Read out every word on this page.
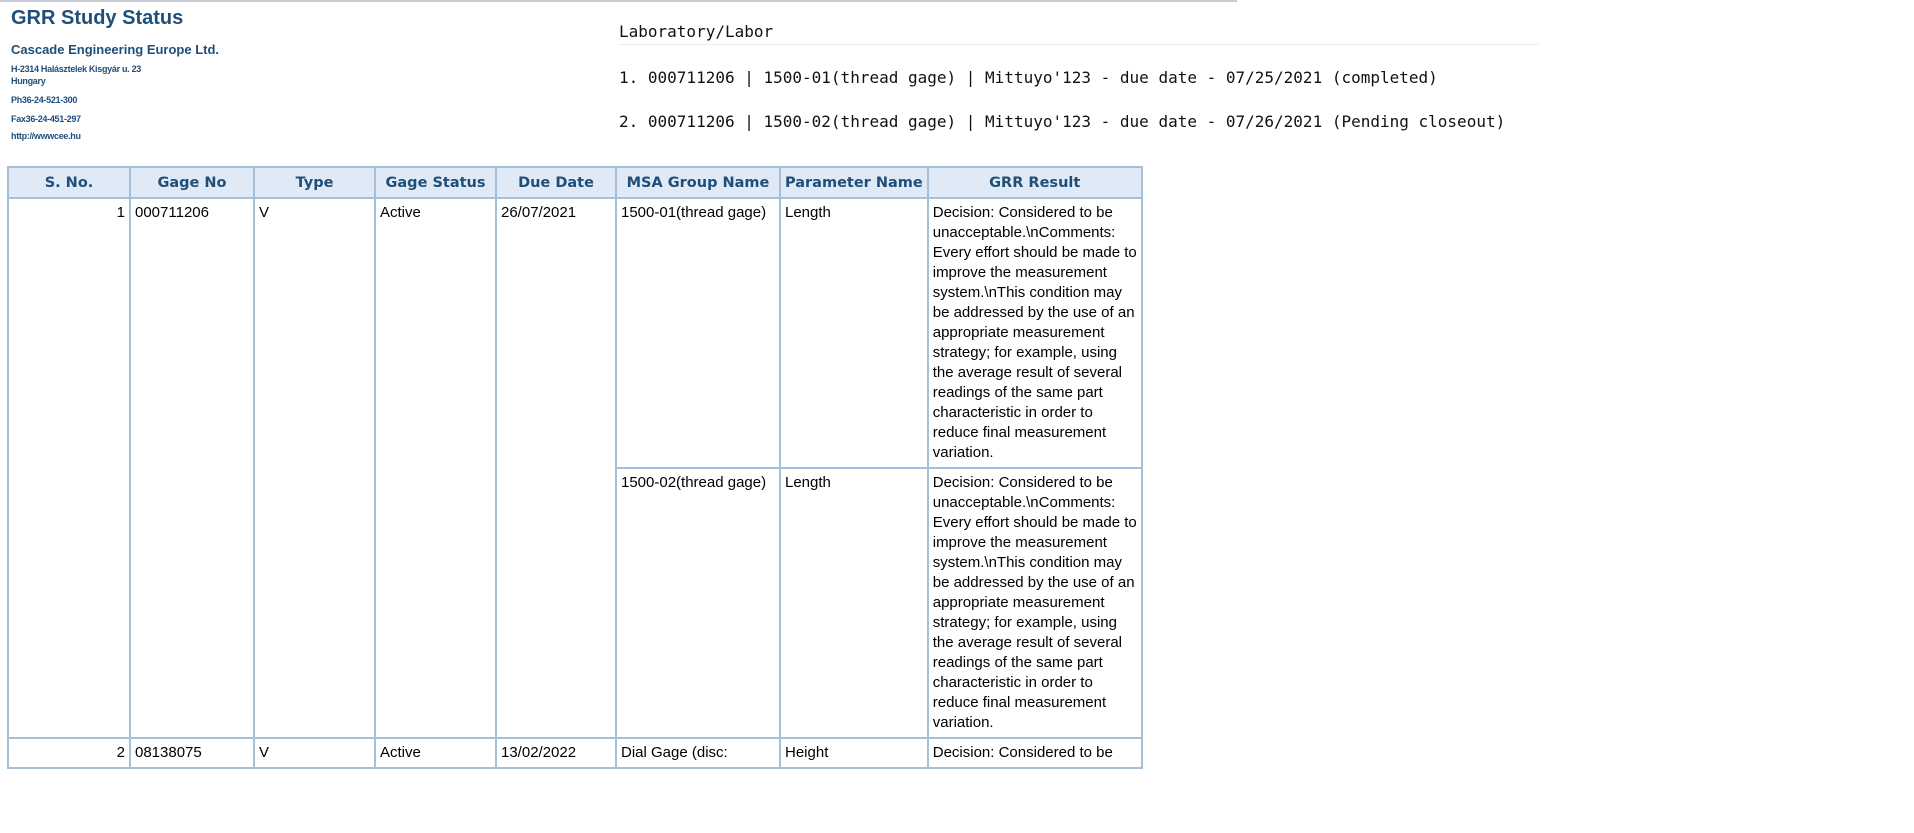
GRR Study Status
Cascade Engineering Europe Ltd.
H-2314 Halásztelek Kisgyár u. 23
Hungary
Ph36-24-521-300
Fax36-24-451-297
http://wwwcee.hu
Laboratory/Labor
1. 000711206 | 1500-01(thread gage) | Mittuyo'123 - due date - 07/25/2021 (completed)
2. 000711206 | 1500-02(thread gage) | Mittuyo'123 - due date - 07/26/2021 (Pending closeout)
S. No.	Gage No	Type	Gage Status	Due Date	MSA Group Name	Parameter Name	GRR Result
1	000711206	V	Active	26/07/2021	1500-01(thread gage)	Length	Decision: Considered to be unacceptable.\nComments: Every effort should be made to improve the measurement system.\nThis condition may be addressed by the use of an appropriate measurement strategy; for example, using the average result of several readings of the same part characteristic in order to reduce final measurement variation.
					1500-02(thread gage)	Length	Decision: Considered to be unacceptable.\nComments: Every effort should be made to improve the measurement system.\nThis condition may be addressed by the use of an appropriate measurement strategy; for example, using the average result of several readings of the same part characteristic in order to reduce final measurement variation.
2	08138075	V	Active	13/02/2022	Dial Gage (disc:	Height	Decision: Considered to be
